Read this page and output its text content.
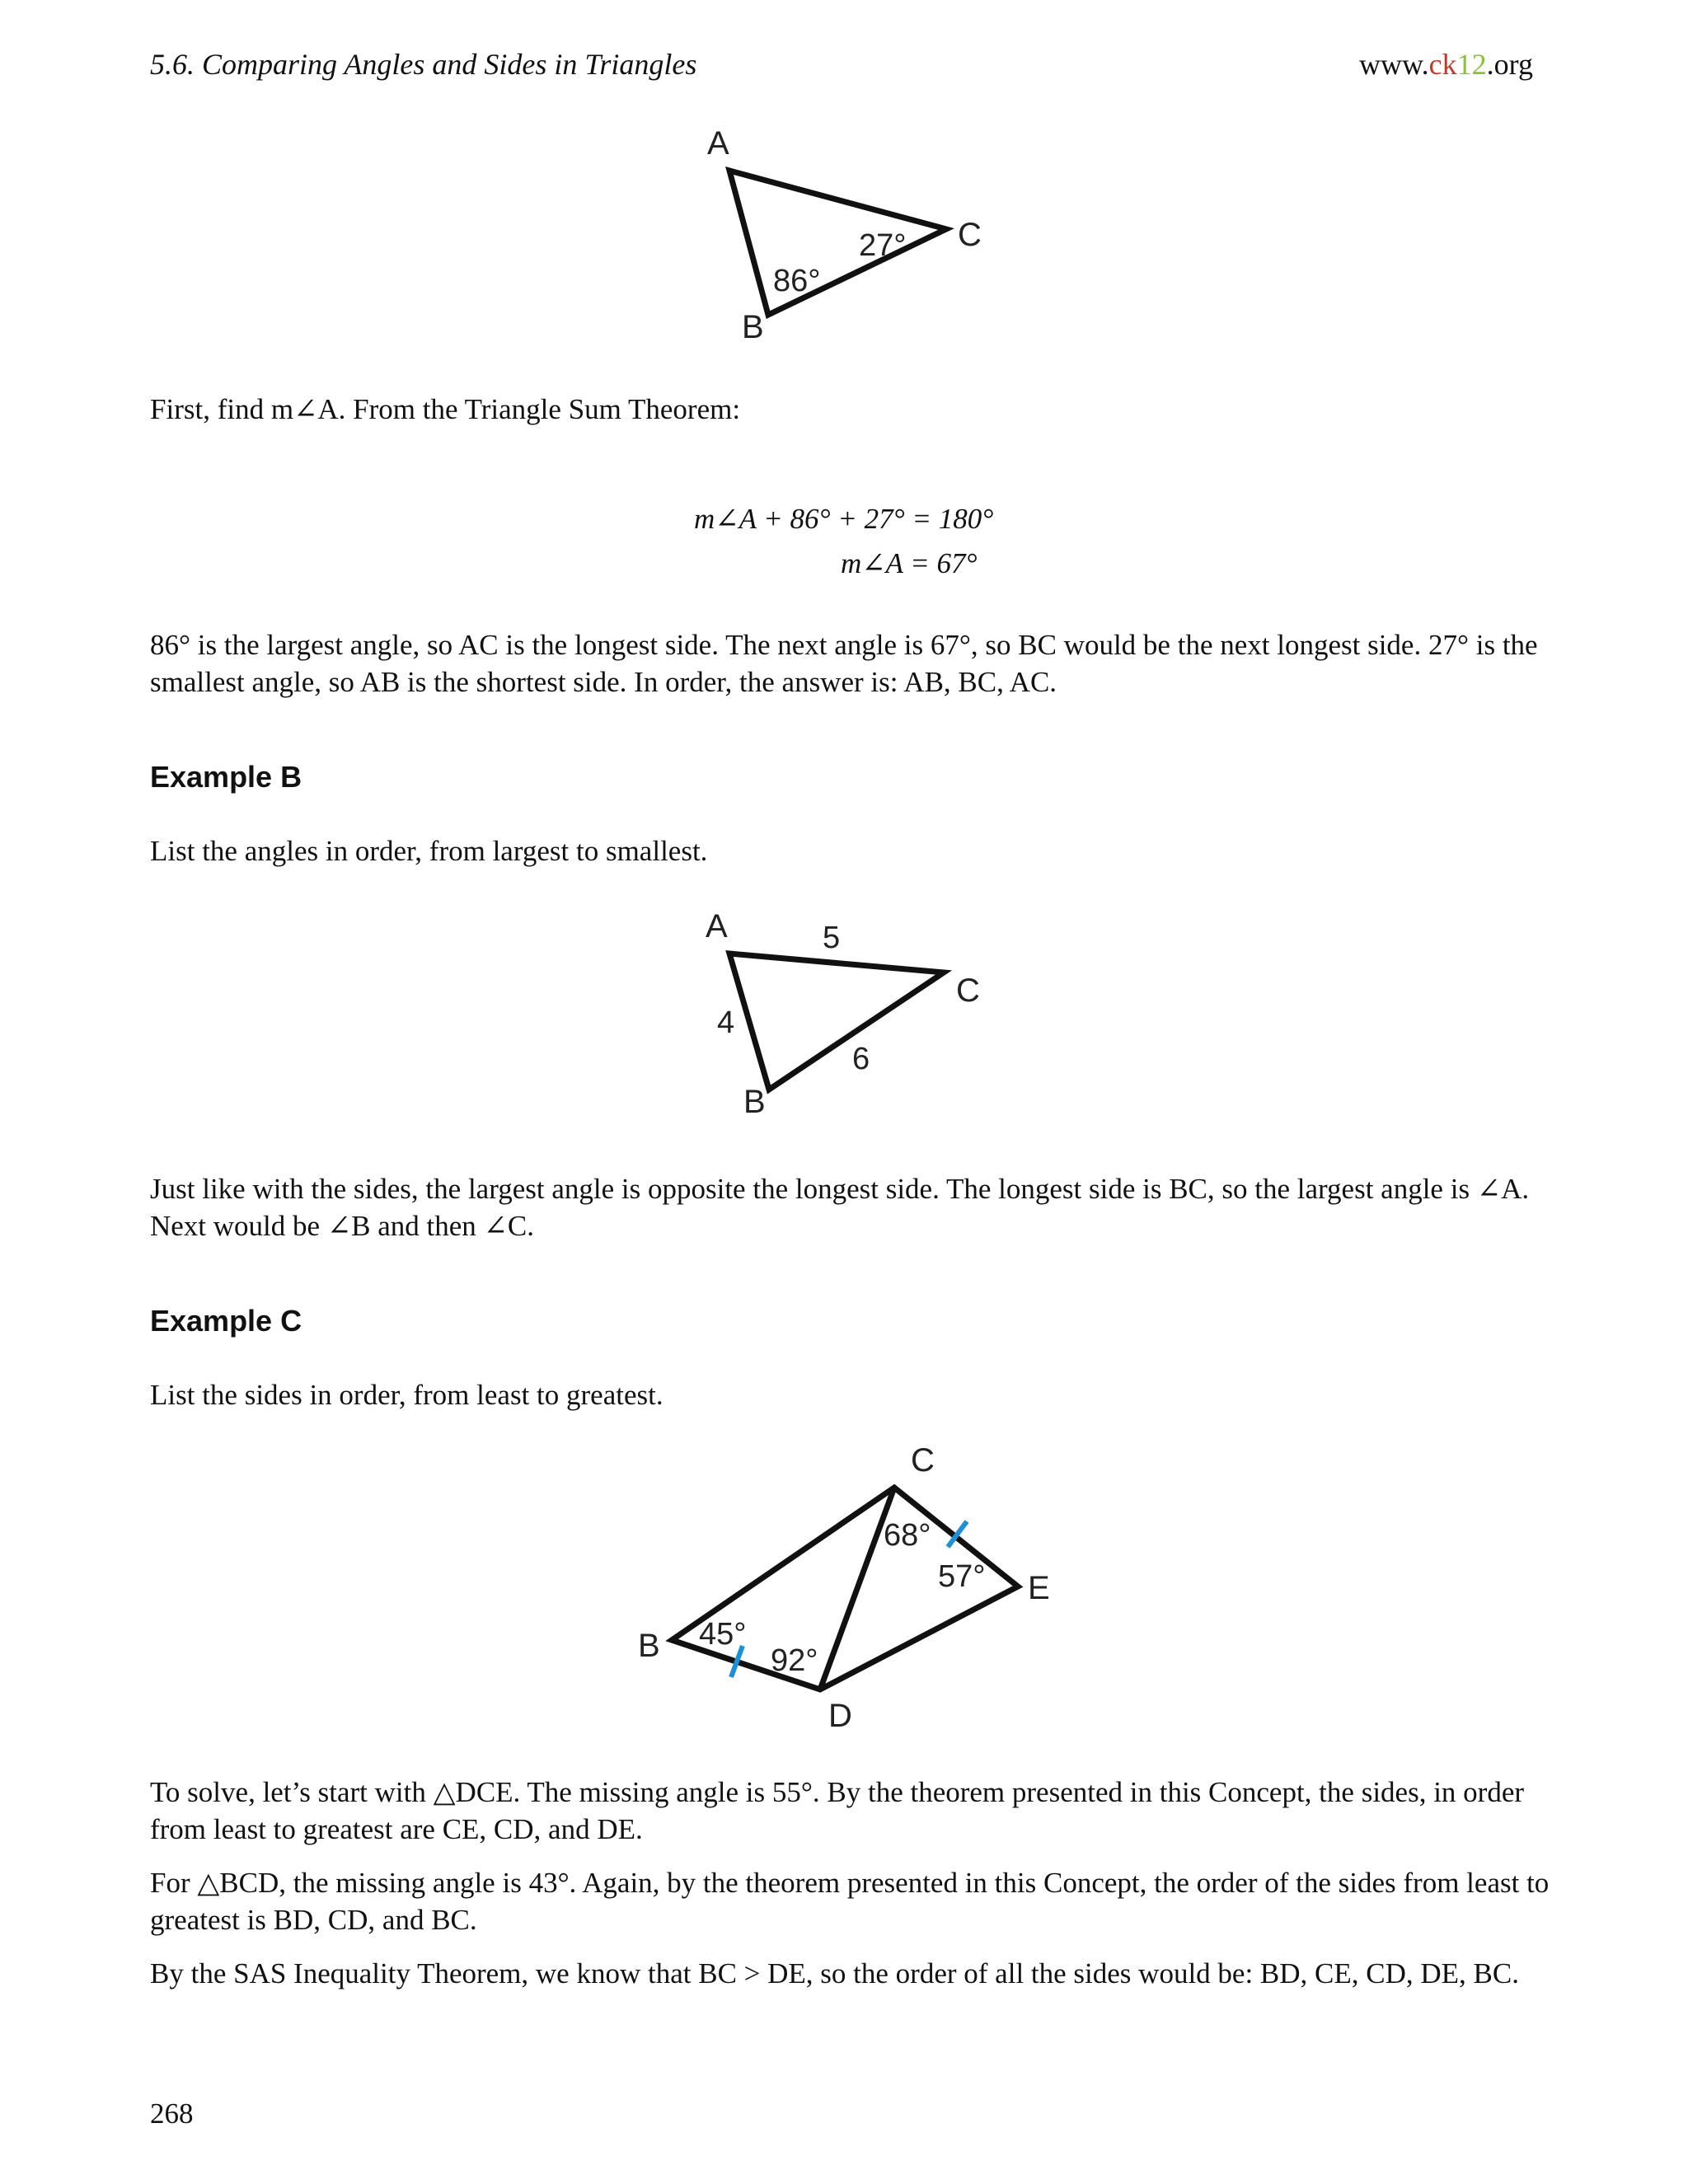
5.6. Comparing Angles and Sides in Triangles	www.ck12.org
A
B
C
86°
27°

First, find m∠A. From the Triangle Sum Theorem:

m∠A + 86° + 27° = 180°
m∠A = 67°

86° is the largest angle, so AC is the longest side. The next angle is 67°, so BC would be the next longest side. 27° is the smallest angle, so AB is the shortest side. In order, the answer is: AB, BC, AC.

Example B

List the angles in order, from largest to smallest.

A
B
C
5
4
6

Just like with the sides, the largest angle is opposite the longest side. The longest side is BC, so the largest angle is ∠A. Next would be ∠B and then ∠C.

Example C

List the sides in order, from least to greatest.

B
C
D
E
45°
92°
68°
57°

To solve, let’s start with △DCE. The missing angle is 55°. By the theorem presented in this Concept, the sides, in order from least to greatest are CE, CD, and DE.

For △BCD, the missing angle is 43°. Again, by the theorem presented in this Concept, the order of the sides from least to greatest is BD, CD, and BC.

By the SAS Inequality Theorem, we know that BC > DE, so the order of all the sides would be: BD, CE, CD, DE, BC.

268
